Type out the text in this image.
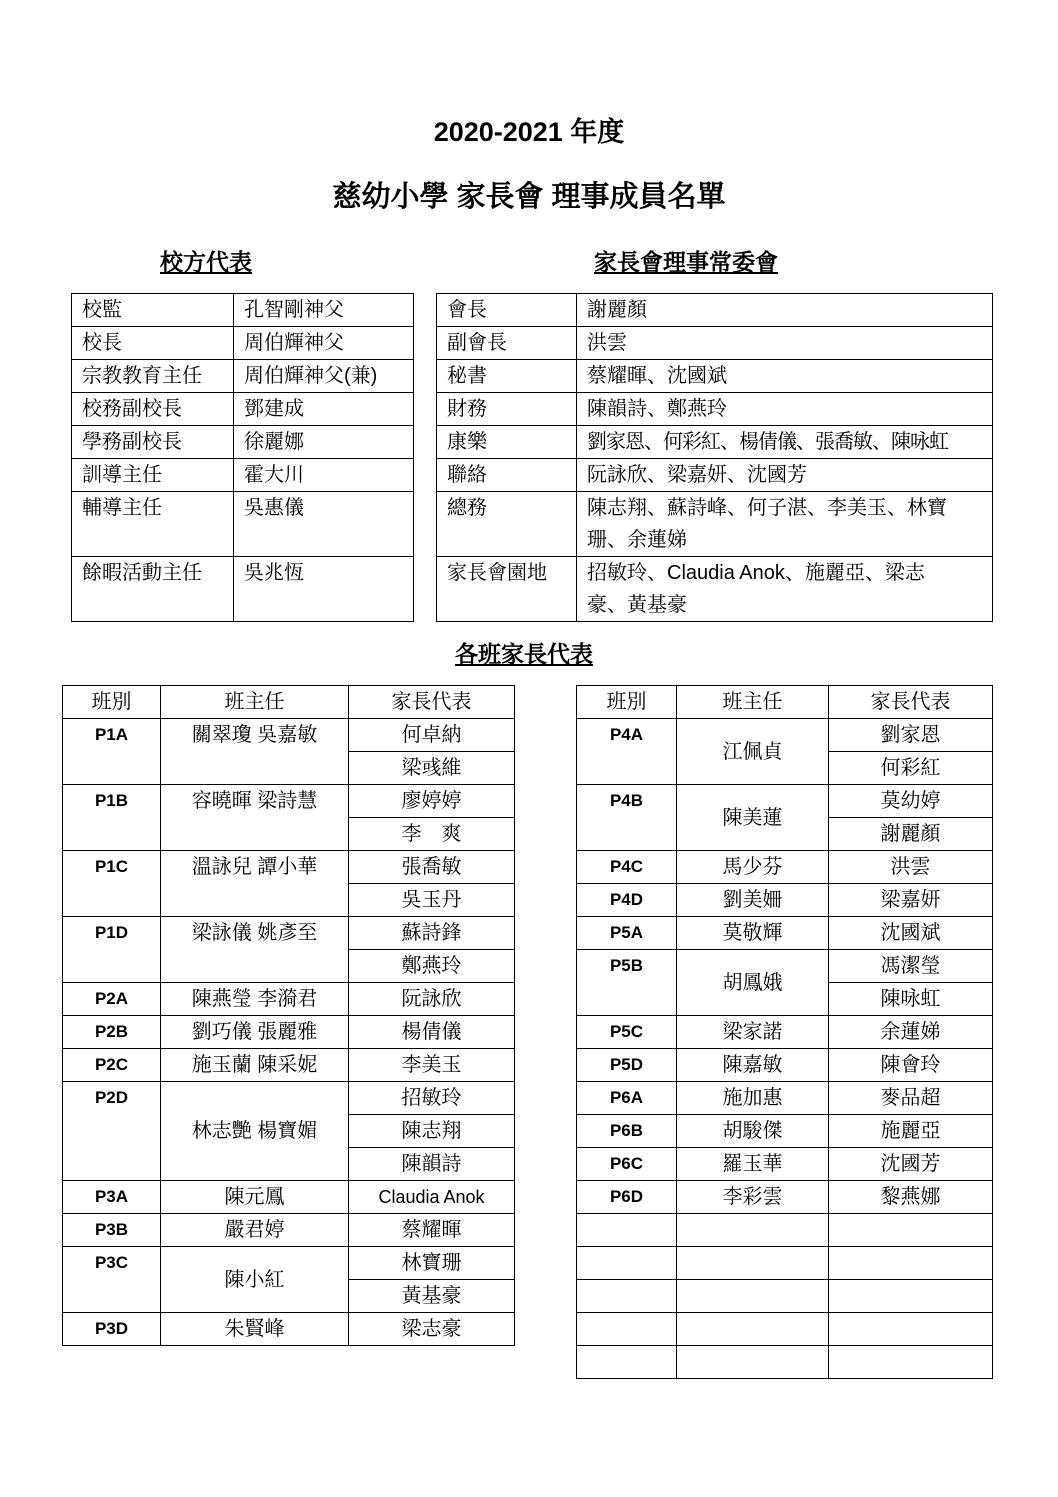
2020-2021 年度
慈幼小學 家長會 理事成員名單
校方代表	家長會理事常委會
校監	孔智剛神父
校長	周伯輝神父
宗教教育主任	周伯輝神父(兼)
校務副校長	鄧建成
學務副校長	徐麗娜
訓導主任	霍大川
輔導主任	吳惠儀
餘暇活動主任	吳兆恆
會長	謝麗顏
副會長	洪雲
秘書	蔡耀暉、沈國斌
財務	陳韻詩、鄭燕玲
康樂	劉家恩、何彩紅、楊倩儀、張喬敏、陳咏虹
聯絡	阮詠欣、梁嘉妍、沈國芳
總務	陳志翔、蘇詩峰、何子湛、李美玉、林寶珊、余蓮娣
家長會園地	招敏玲、Claudia Anok、施麗亞、梁志豪、黃基豪
各班家長代表
班別	班主任	家長代表
P1A	關翠瓊 吳嘉敏	何卓納
		梁彧維
P1B	容曉暉 梁詩慧	廖婷婷
		李　爽
P1C	溫詠兒 譚小華	張喬敏
		吳玉丹
P1D	梁詠儀 姚彥至	蘇詩鋒
		鄭燕玲
P2A	陳燕瑩 李漪君	阮詠欣
P2B	劉巧儀 張麗雅	楊倩儀
P2C	施玉蘭 陳采妮	李美玉
P2D	林志艷 楊寶媚	招敏玲
		陳志翔
		陳韻詩
P3A	陳元鳳	Claudia Anok
P3B	嚴君婷	蔡耀暉
P3C	陳小紅	林寶珊
		黃基豪
P3D	朱賢峰	梁志豪
班別	班主任	家長代表
P4A	江佩貞	劉家恩
		何彩紅
P4B	陳美蓮	莫幼婷
		謝麗顏
P4C	馬少芬	洪雲
P4D	劉美姍	梁嘉妍
P5A	莫敬輝	沈國斌
P5B	胡鳳娥	馮潔瑩
		陳咏虹
P5C	梁家諾	余蓮娣
P5D	陳嘉敏	陳會玲
P6A	施加惠	麥品超
P6B	胡駿傑	施麗亞
P6C	羅玉華	沈國芳
P6D	李彩雲	黎燕娜
